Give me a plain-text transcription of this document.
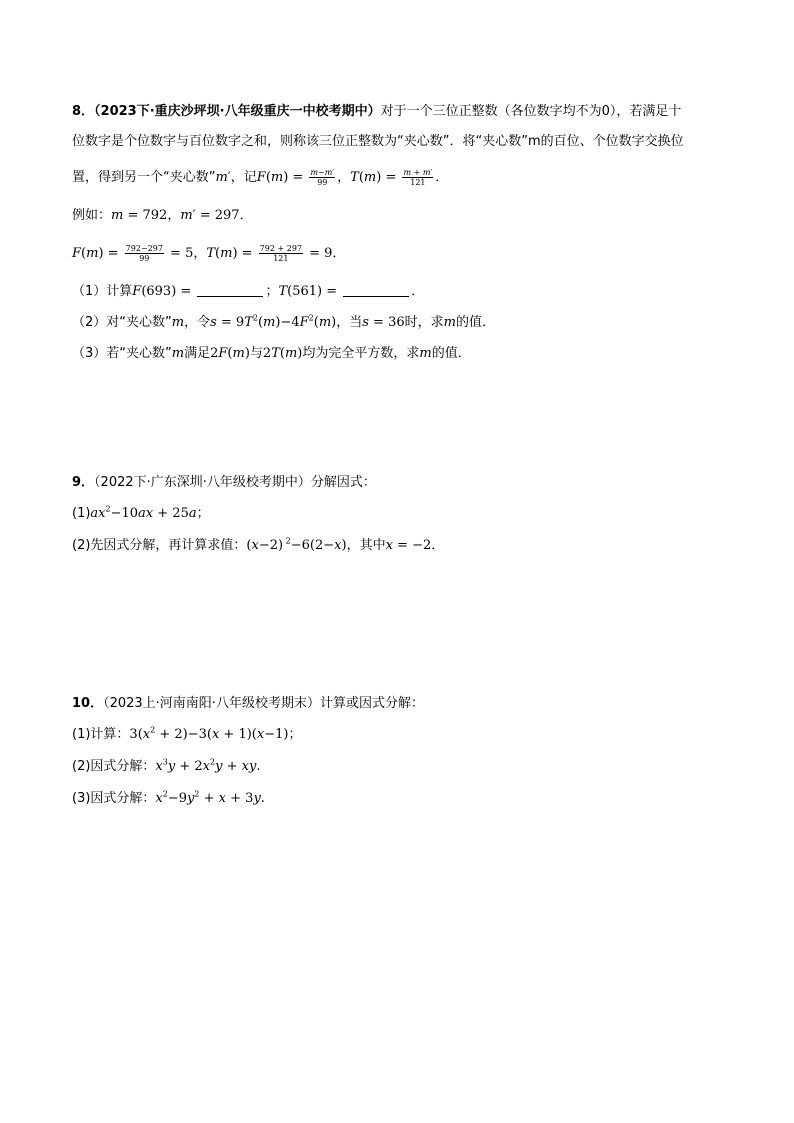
8．（2023下·重庆沙坪坝·八年级重庆一中校考期中）对于一个三位正整数（各位数字均不为0），若满足十
位数字是个位数字与百位数字之和，则称该三位正整数为“夹心数”．将“夹心数”m的百位、个位数字交换位
置，得到另一个“夹心数”m′，记$F(m) = \frac{m-m'}{99}$ ，$T(m) = \frac{m + m'}{121}$ ．
例如：m = 792，m′ = 297．
$F(m) = \frac{792-297}{99} = 5$，$T(m) = \frac{792 + 297}{121} = 9$．
（1）计算F(693) =	；T(561) =	．
（2）对“夹心数”m，令$s = 9T^2(m)-4F^2(m)$，当s = 36时，求m的值．
（3）若“夹心数”m满足2F(m)与2T(m)均为完全平方数，求m的值．
9．（2022下·广东深圳·八年级校考期中）分解因式：
$(1)ax^2-10ax + 25a$；
(2)先因式分解，再计算求值：(x−2) $^2$−6(2−x)，其中x = −2．
10．（2023上·河南南阳·八年级校考期末）计算或因式分解：
(1)计算：$3(x^2 + 2)-3(x + 1)(x-1)$；
(2)因式分解：$x^3y + 2x^2y$ + xy.
(3)因式分解：$x^2-9y^2 + x + 3y$.
